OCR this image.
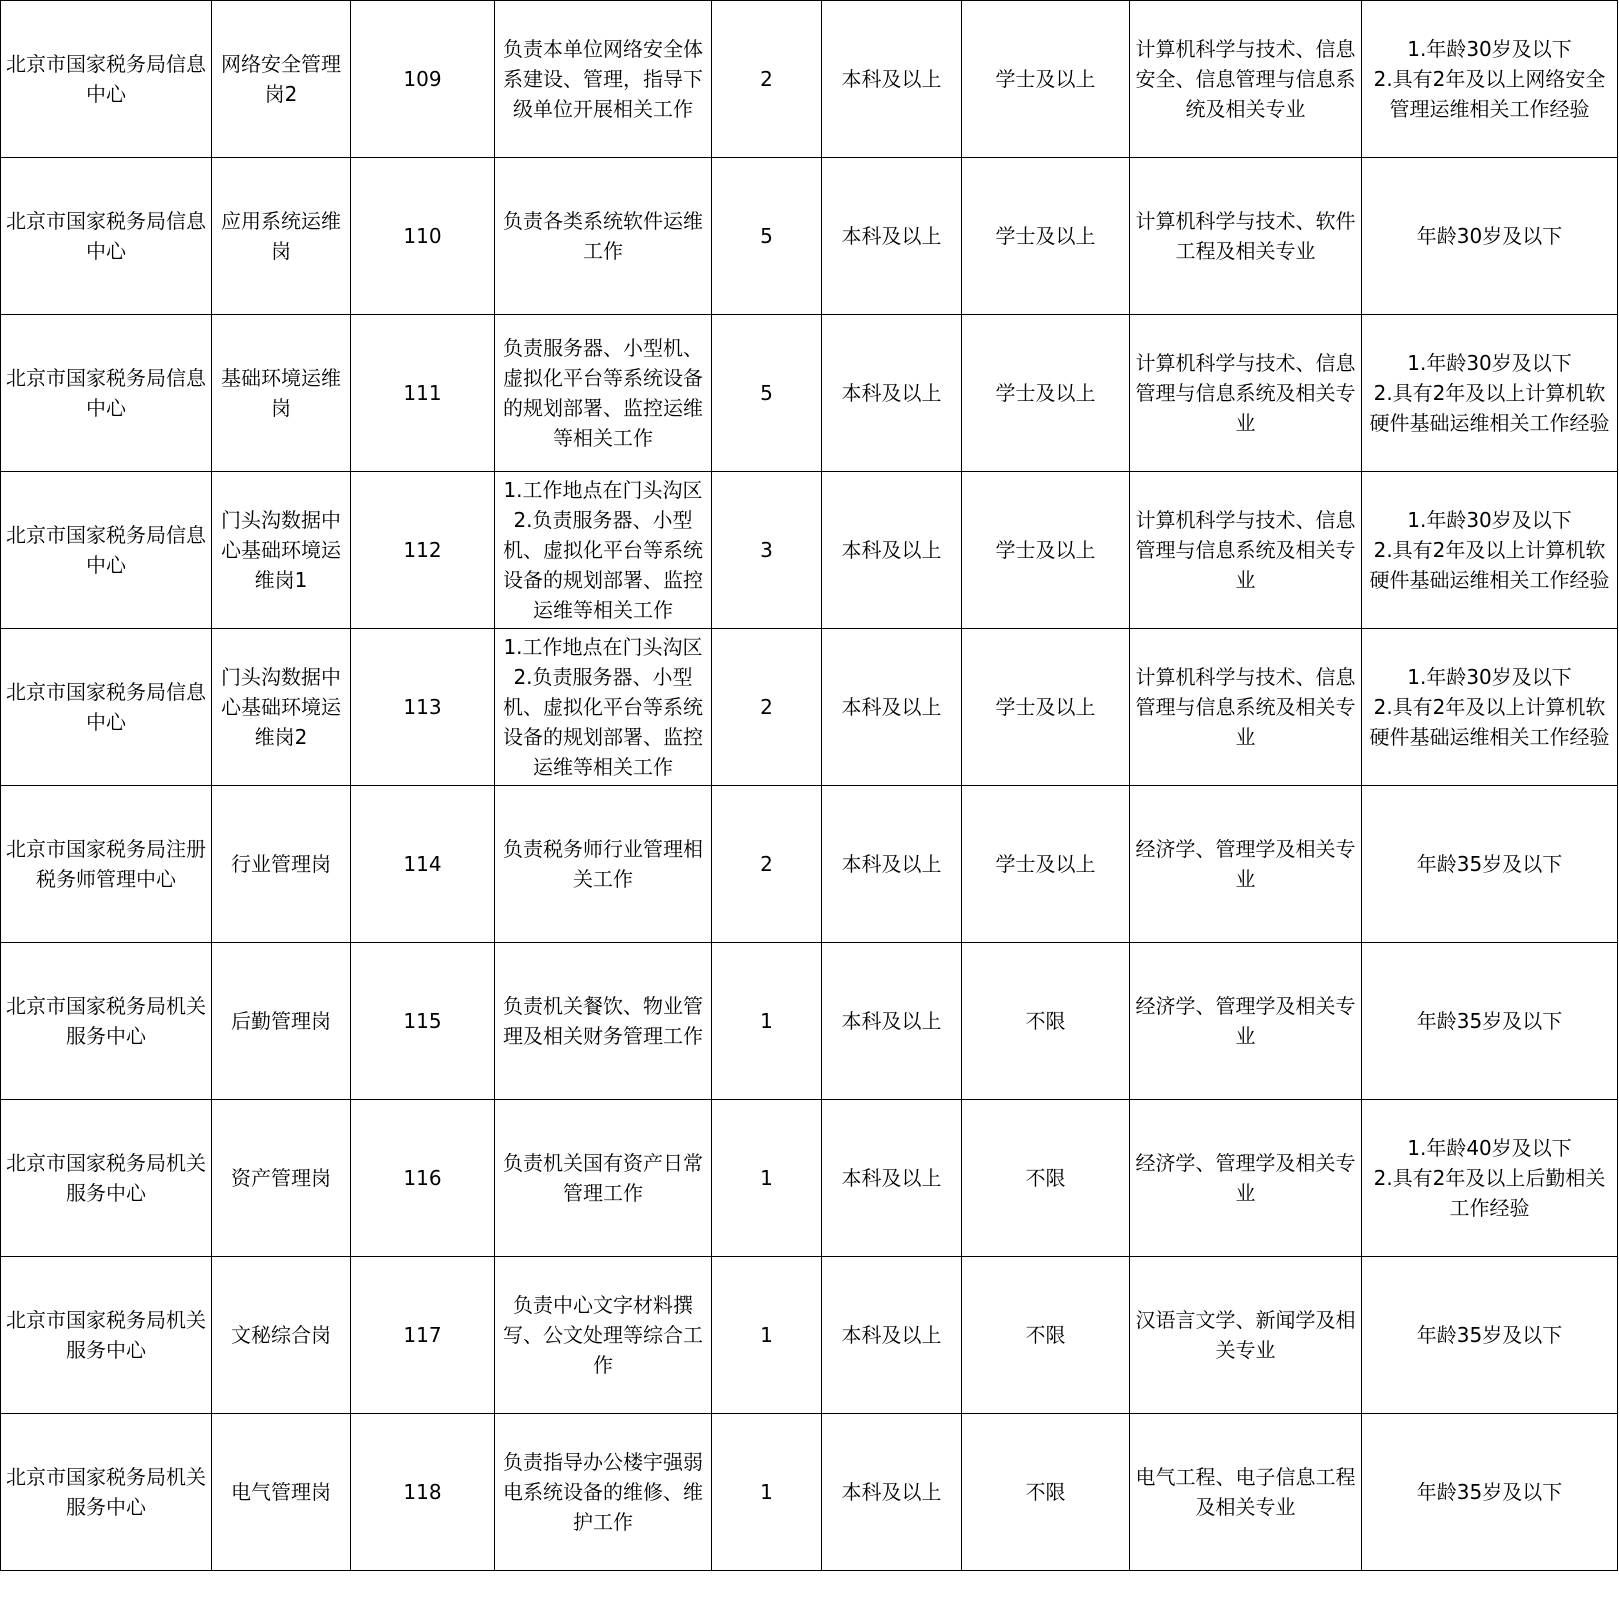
北京市国家税务局信息中心	网络安全管理岗2	109	负责本单位网络安全体系建设、管理，指导下级单位开展相关工作	2	本科及以上	学士及以上	计算机科学与技术、信息安全、信息管理与信息系统及相关专业	1.年龄30岁及以下
2.具有2年及以上网络安全管理运维相关工作经验
北京市国家税务局信息中心	应用系统运维岗	110	负责各类系统软件运维工作	5	本科及以上	学士及以上	计算机科学与技术、软件工程及相关专业	年龄30岁及以下
北京市国家税务局信息中心	基础环境运维岗	111	负责服务器、小型机、虚拟化平台等系统设备的规划部署、监控运维等相关工作	5	本科及以上	学士及以上	计算机科学与技术、信息管理与信息系统及相关专业	1.年龄30岁及以下
2.具有2年及以上计算机软硬件基础运维相关工作经验
北京市国家税务局信息中心	门头沟数据中心基础环境运维岗1	112	1.工作地点在门头沟区
2.负责服务器、小型机、虚拟化平台等系统设备的规划部署、监控运维等相关工作	3	本科及以上	学士及以上	计算机科学与技术、信息管理与信息系统及相关专业	1.年龄30岁及以下
2.具有2年及以上计算机软硬件基础运维相关工作经验
北京市国家税务局信息中心	门头沟数据中心基础环境运维岗2	113	1.工作地点在门头沟区
2.负责服务器、小型机、虚拟化平台等系统设备的规划部署、监控运维等相关工作	2	本科及以上	学士及以上	计算机科学与技术、信息管理与信息系统及相关专业	1.年龄30岁及以下
2.具有2年及以上计算机软硬件基础运维相关工作经验
北京市国家税务局注册税务师管理中心	行业管理岗	114	负责税务师行业管理相关工作	2	本科及以上	学士及以上	经济学、管理学及相关专业	年龄35岁及以下
北京市国家税务局机关服务中心	后勤管理岗	115	负责机关餐饮、物业管理及相关财务管理工作	1	本科及以上	不限	经济学、管理学及相关专业	年龄35岁及以下
北京市国家税务局机关服务中心	资产管理岗	116	负责机关国有资产日常管理工作	1	本科及以上	不限	经济学、管理学及相关专业	1.年龄40岁及以下
2.具有2年及以上后勤相关工作经验
北京市国家税务局机关服务中心	文秘综合岗	117	负责中心文字材料撰写、公文处理等综合工作	1	本科及以上	不限	汉语言文学、新闻学及相关专业	年龄35岁及以下
北京市国家税务局机关服务中心	电气管理岗	118	负责指导办公楼宇强弱电系统设备的维修、维护工作	1	本科及以上	不限	电气工程、电子信息工程及相关专业	年龄35岁及以下
